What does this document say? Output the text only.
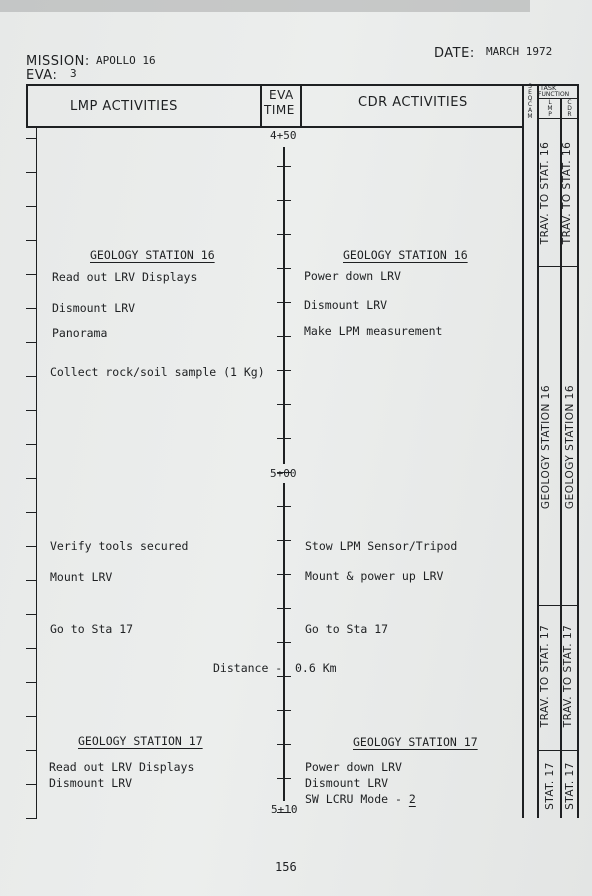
MISSION: APOLLO 16
EVA: 3
DATE: MARCH 1972
LMP ACTIVITIES
EVA
TIME	CDR ACTIVITIES
S
E
Q
C
A
M
TASK
FUNCTION
L
M
P
C
D
R
4+50
5+00
5+10
GEOLOGY STATION 16
Read out LRV Displays
Dismount LRV
Panorama
Collect rock/soil sample (1 Kg)
Verify tools secured
Mount LRV
Go to Sta 17
GEOLOGY STATION 17
Read out LRV Displays
Dismount LRV
Distance - 0.6 Km
GEOLOGY STATION 16
Power down LRV
Dismount LRV
Make LPM measurement
Stow LPM Sensor/Tripod
Mount & power up LRV
Go to Sta 17
GEOLOGY STATION 17
Power down LRV
Dismount LRV
SW LCRU Mode - 2
TRAV. TO STAT. 16 TRAV. TO STAT. 16
GEOLOGY STATION 16 GEOLOGY STATION 16
TRAV. TO STAT. 17 TRAV. TO STAT. 17
STAT. 17 STAT. 17
156
